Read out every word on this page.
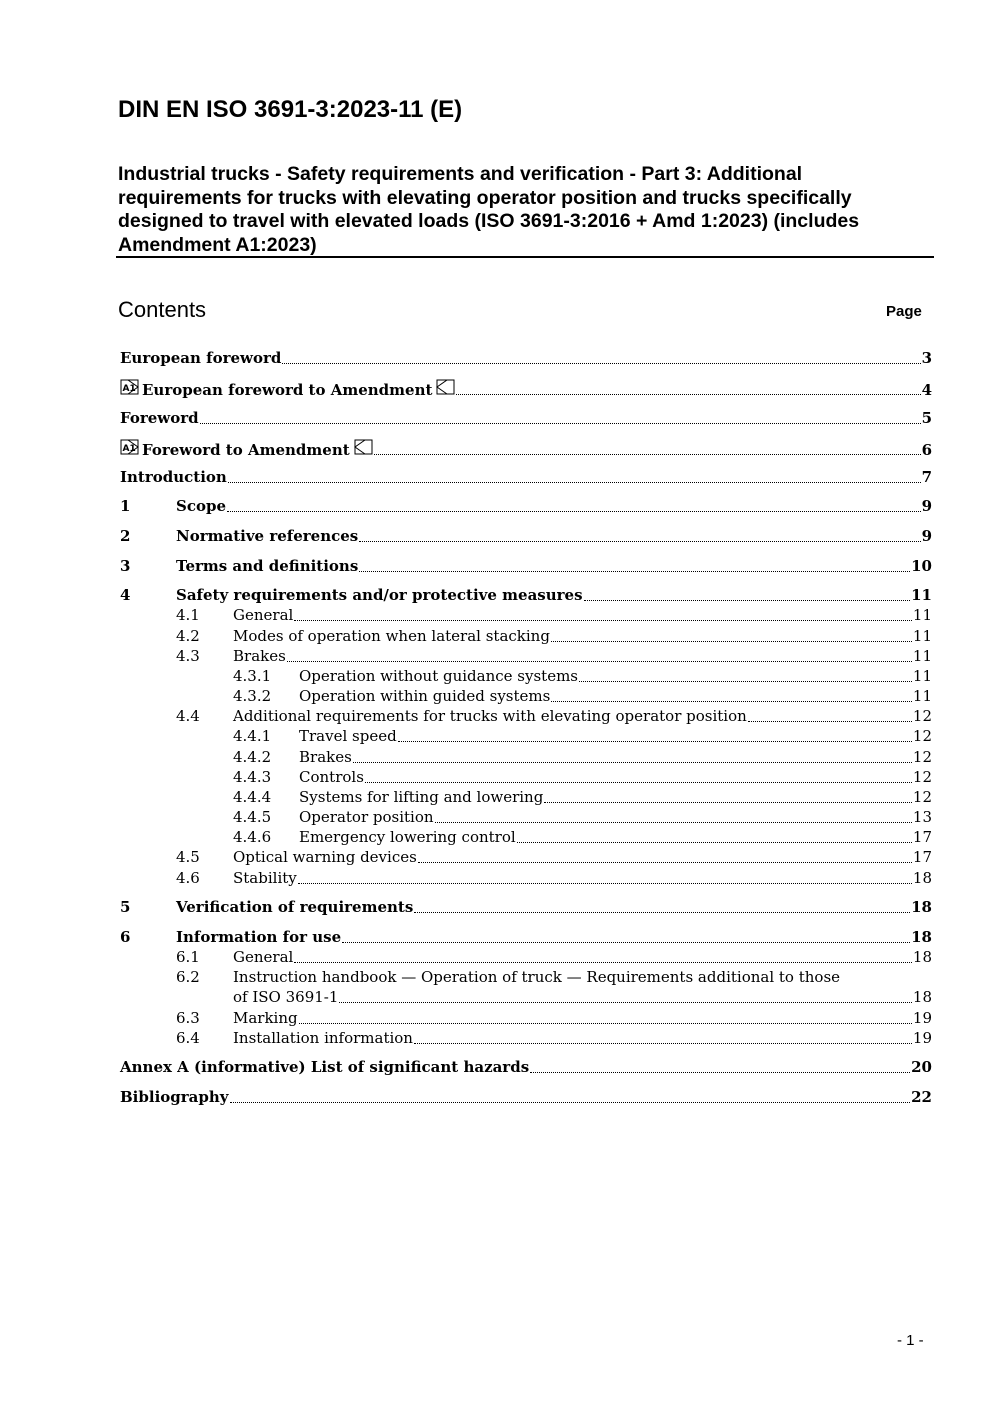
DIN EN ISO 3691-3:2023-11 (E)
Industrial trucks - Safety requirements and verification - Part 3: Additional requirements for trucks with elevating operator position and trucks specifically designed to travel with elevated loads (ISO 3691-3:2016 + Amd 1:2023) (includes Amendment A1:2023)
Contents	Page
European foreword	3
A1 European foreword to Amendment	4
Foreword	5
A1 Foreword to Amendment	6
Introduction	7
1	Scope	9
2	Normative references	9
3	Terms and definitions	10
4	Safety requirements and/or protective measures	11
4.1	General	11
4.2	Modes of operation when lateral stacking	11
4.3	Brakes	11
4.3.1	Operation without guidance systems	11
4.3.2	Operation within guided systems	11
4.4	Additional requirements for trucks with elevating operator position	12
4.4.1	Travel speed	12
4.4.2	Brakes	12
4.4.3	Controls	12
4.4.4	Systems for lifting and lowering	12
4.4.5	Operator position	13
4.4.6	Emergency lowering control	17
4.5	Optical warning devices	17
4.6	Stability	18
5	Verification of requirements	18
6	Information for use	18
6.1	General	18
6.2	Instruction handbook — Operation of truck — Requirements additional to those
of ISO 3691-1	18
6.3	Marking	19
6.4	Installation information	19
Annex A (informative) List of significant hazards	20
Bibliography	22
- 1 -
